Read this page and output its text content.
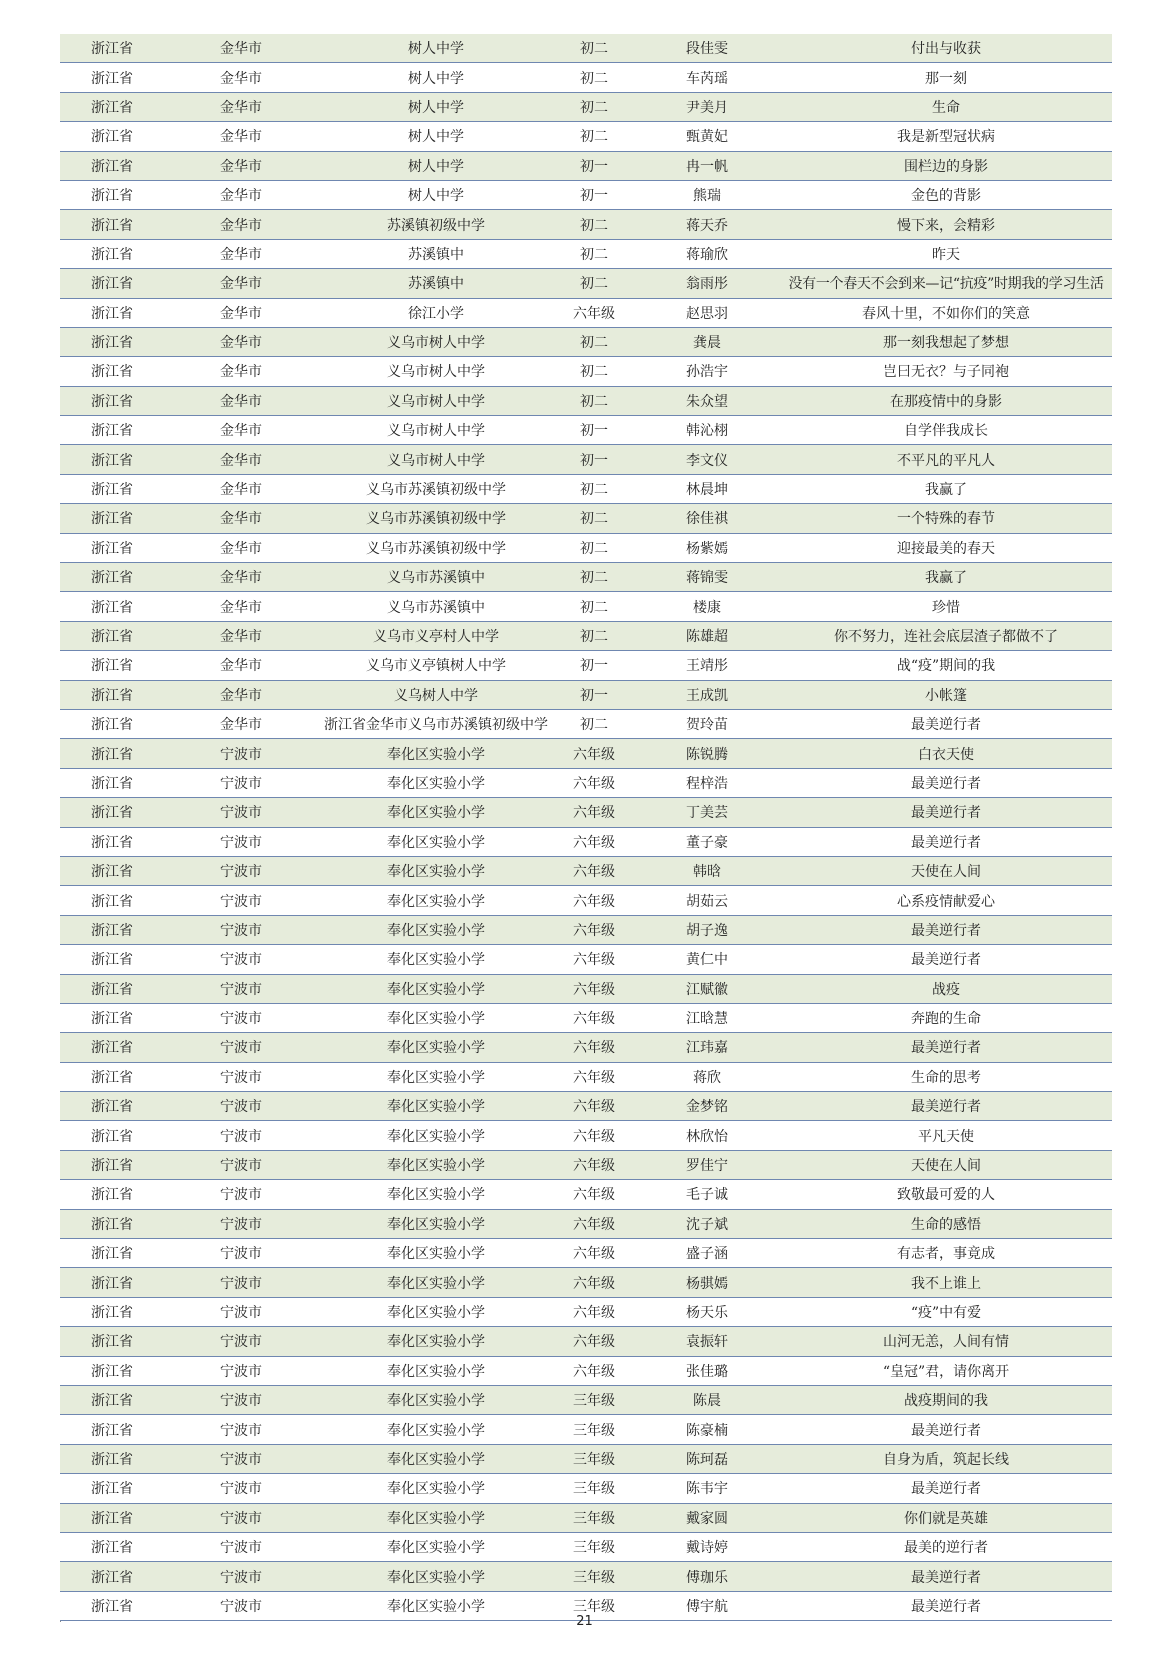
浙江省	金华市	树人中学	初二	段佳雯	付出与收获
浙江省	金华市	树人中学	初二	车芮瑶	那一刻
浙江省	金华市	树人中学	初二	尹美月	生命
浙江省	金华市	树人中学	初二	甄黄妃	我是新型冠状病
浙江省	金华市	树人中学	初一	冉一帆	围栏边的身影
浙江省	金华市	树人中学	初一	熊瑞	金色的背影
浙江省	金华市	苏溪镇初级中学	初二	蒋天乔	慢下来，会精彩
浙江省	金华市	苏溪镇中	初二	蒋瑜欣	昨天
浙江省	金华市	苏溪镇中	初二	翁雨彤	没有一个春天不会到来—记“抗疫”时期我的学习生活
浙江省	金华市	徐江小学	六年级	赵思羽	春风十里，不如你们的笑意
浙江省	金华市	义乌市树人中学	初二	龚晨	那一刻我想起了梦想
浙江省	金华市	义乌市树人中学	初二	孙浩宇	岂曰无衣？与子同袍
浙江省	金华市	义乌市树人中学	初二	朱众望	在那疫情中的身影
浙江省	金华市	义乌市树人中学	初一	韩沁栩	自学伴我成长
浙江省	金华市	义乌市树人中学	初一	李文仪	不平凡的平凡人
浙江省	金华市	义乌市苏溪镇初级中学	初二	林晨坤	我赢了
浙江省	金华市	义乌市苏溪镇初级中学	初二	徐佳祺	一个特殊的春节
浙江省	金华市	义乌市苏溪镇初级中学	初二	杨紫嫣	迎接最美的春天
浙江省	金华市	义乌市苏溪镇中	初二	蒋锦雯	我赢了
浙江省	金华市	义乌市苏溪镇中	初二	楼康	珍惜
浙江省	金华市	义乌市义亭村人中学	初二	陈雄超	你不努力，连社会底层渣子都做不了
浙江省	金华市	义乌市义亭镇树人中学	初一	王靖彤	战“疫”期间的我
浙江省	金华市	义乌树人中学	初一	王成凯	小帐篷
浙江省	金华市	浙江省金华市义乌市苏溪镇初级中学	初二	贺玲苗	最美逆行者
浙江省	宁波市	奉化区实验小学	六年级	陈锐腾	白衣天使
浙江省	宁波市	奉化区实验小学	六年级	程梓浩	最美逆行者
浙江省	宁波市	奉化区实验小学	六年级	丁美芸	最美逆行者
浙江省	宁波市	奉化区实验小学	六年级	董子豪	最美逆行者
浙江省	宁波市	奉化区实验小学	六年级	韩晗	天使在人间
浙江省	宁波市	奉化区实验小学	六年级	胡茹云	心系疫情献爱心
浙江省	宁波市	奉化区实验小学	六年级	胡子逸	最美逆行者
浙江省	宁波市	奉化区实验小学	六年级	黄仁中	最美逆行者
浙江省	宁波市	奉化区实验小学	六年级	江赋徽	战疫
浙江省	宁波市	奉化区实验小学	六年级	江晗慧	奔跑的生命
浙江省	宁波市	奉化区实验小学	六年级	江玮嘉	最美逆行者
浙江省	宁波市	奉化区实验小学	六年级	蒋欣	生命的思考
浙江省	宁波市	奉化区实验小学	六年级	金梦铭	最美逆行者
浙江省	宁波市	奉化区实验小学	六年级	林欣怡	平凡天使
浙江省	宁波市	奉化区实验小学	六年级	罗佳宁	天使在人间
浙江省	宁波市	奉化区实验小学	六年级	毛子诚	致敬最可爱的人
浙江省	宁波市	奉化区实验小学	六年级	沈子斌	生命的感悟
浙江省	宁波市	奉化区实验小学	六年级	盛子涵	有志者，事竟成
浙江省	宁波市	奉化区实验小学	六年级	杨骐嫣	我不上谁上
浙江省	宁波市	奉化区实验小学	六年级	杨天乐	“疫”中有爱
浙江省	宁波市	奉化区实验小学	六年级	袁振轩	山河无恙，人间有情
浙江省	宁波市	奉化区实验小学	六年级	张佳璐	“皇冠”君，请你离开
浙江省	宁波市	奉化区实验小学	三年级	陈晨	战疫期间的我
浙江省	宁波市	奉化区实验小学	三年级	陈豪楠	最美逆行者
浙江省	宁波市	奉化区实验小学	三年级	陈珂磊	自身为盾，筑起长线
浙江省	宁波市	奉化区实验小学	三年级	陈韦宇	最美逆行者
浙江省	宁波市	奉化区实验小学	三年级	戴家圆	你们就是英雄
浙江省	宁波市	奉化区实验小学	三年级	戴诗婷	最美的逆行者
浙江省	宁波市	奉化区实验小学	三年级	傅珈乐	最美逆行者
浙江省	宁波市	奉化区实验小学	三年级	傅宇航	最美逆行者
21
